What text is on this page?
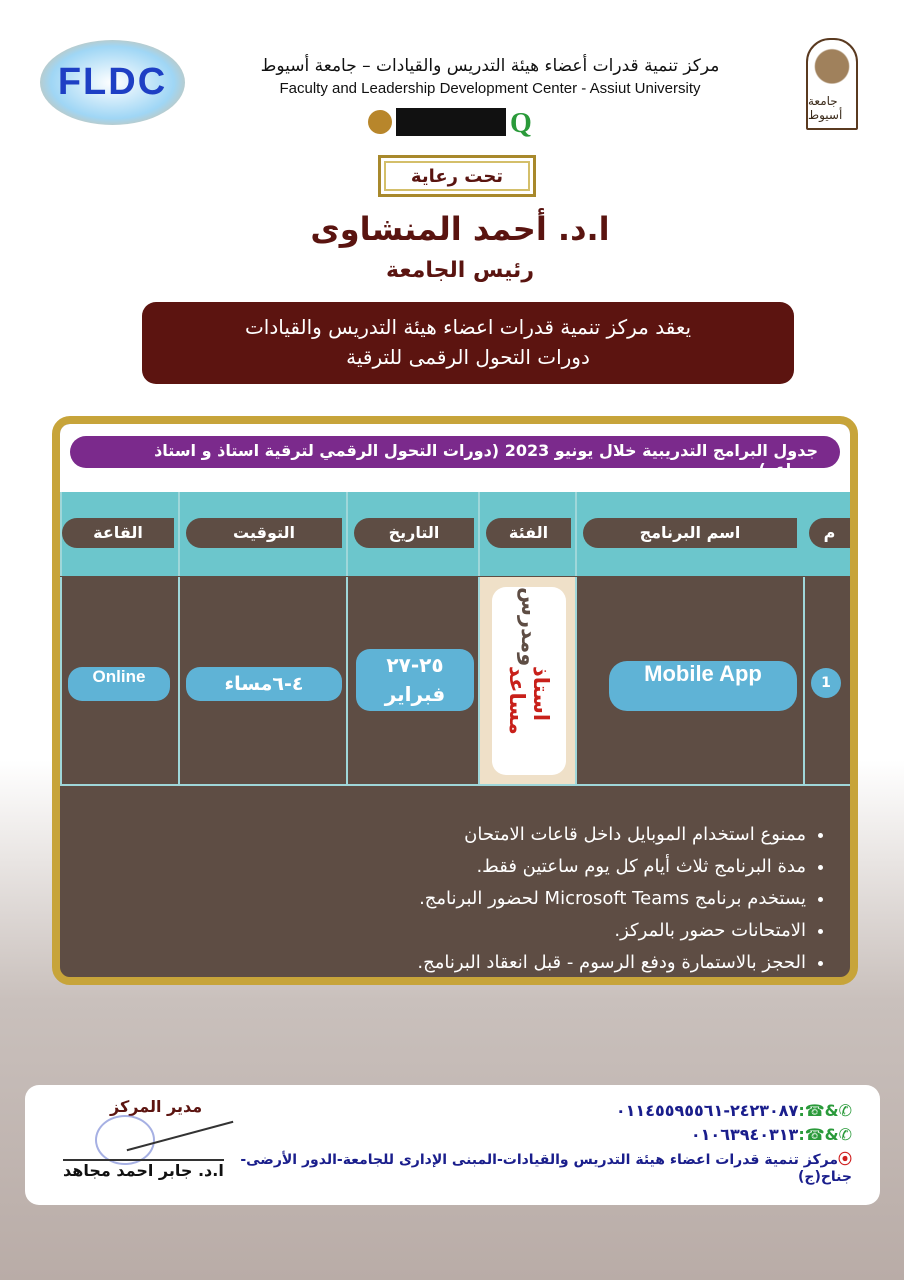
FLDC	جامعة أسيوط
مركز تنمية قدرات أعضاء هيئة التدريس والقيادات – جامعة أسيوط
Faculty and Leadership Development Center - Assiut University
Q
تحت رعاية
ا.د. أحمد المنشاوى
رئيس الجامعة
يعقد مركز تنمية قدرات اعضاء هيئة التدريس والقيادات
دورات التحول الرقمى للترقية
جدول البرامج التدريبية خلال يونيو 2023 (دورات التحول الرقمي لترقية استاذ و استاذ مساعد)
م
اسم البرنامج
الفئة
التاريخ
التوقيت
القاعة
1
Mobile App
استاذ مساعد
ومدرس
٢٥-٢٧
فبراير
٤-٦مساء
Online
• ممنوع استخدام الموبايل داخل قاعات الامتحان
• مدة البرنامج ثلاث أيام كل يوم ساعتين فقط.
• يستخدم برنامج Microsoft Teams لحضور البرنامج.
• الامتحانات حضور بالمركز.
• الحجز بالاستمارة ودفع الرسوم - قبل انعقاد البرنامج.
✆&☎:٢٤٢٣٠٨٧-٠١١٤٥٥٩٥٥٦١
✆&☎:٠١٠٦٣٩٤٠٣١٣
⦿مركز تنمية قدرات اعضاء هيئة التدريس والقيادات-المبنى الإدارى للجامعة-الدور الأرضى-
جناح(ج)
مدير المركز
ا.د. جابر احمد مجاهد
